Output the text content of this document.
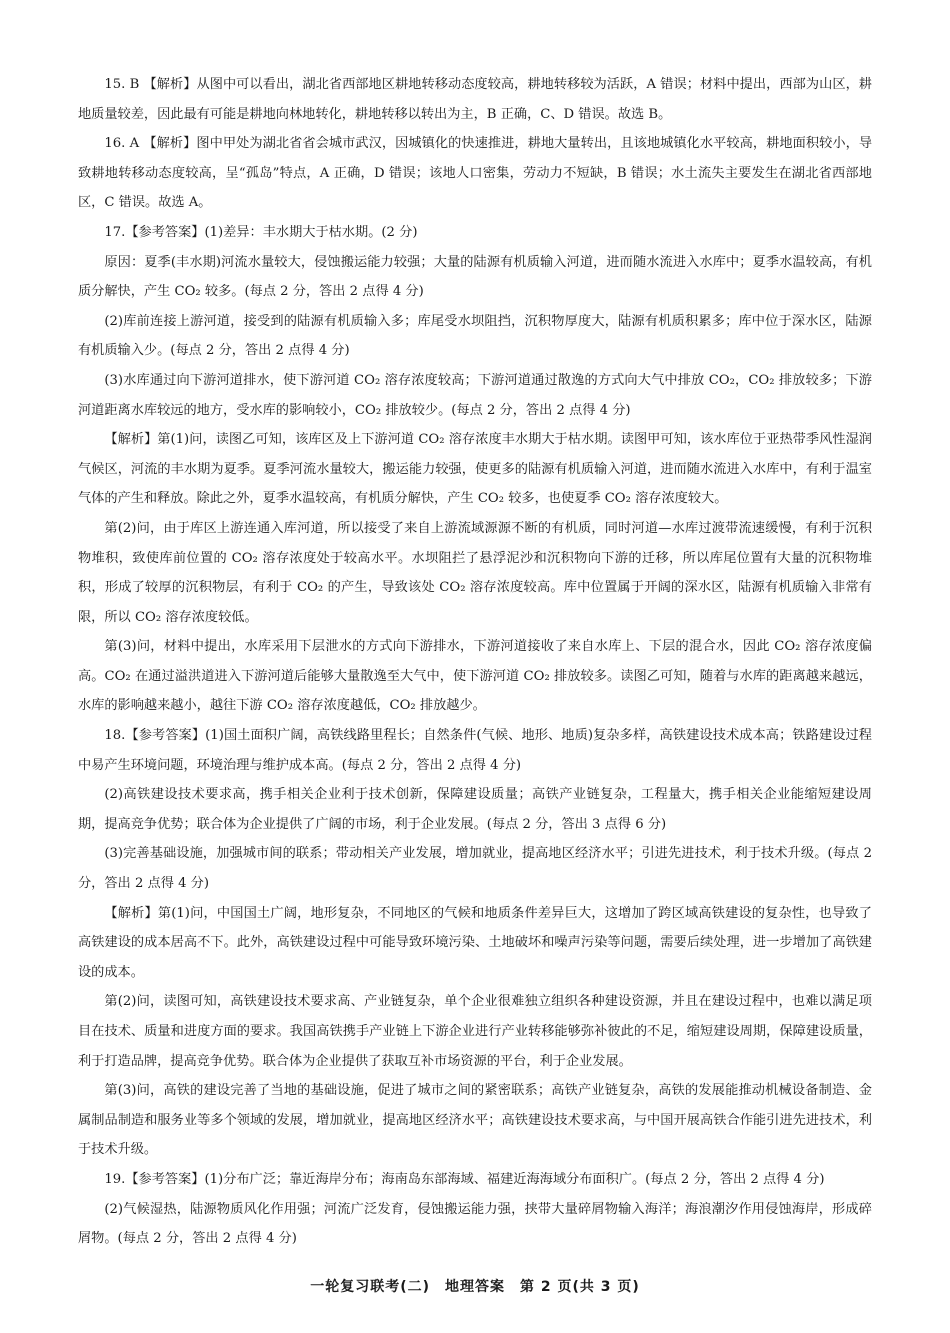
15. B 【解析】从图中可以看出，湖北省西部地区耕地转移动态度较高，耕地转移较为活跃，A 错误；材料中提出，西部为山区，耕地质量较差，因此最有可能是耕地向林地转化，耕地转移以转出为主，B 正确，C、D 错误。故选 B。

16. A 【解析】图中甲处为湖北省省会城市武汉，因城镇化的快速推进，耕地大量转出，且该地城镇化水平较高，耕地面积较小，导致耕地转移动态度较高，呈“孤岛”特点，A 正确，D 错误；该地人口密集，劳动力不短缺，B 错误；水土流失主要发生在湖北省西部地区，C 错误。故选 A。

17.【参考答案】(1)差异：丰水期大于枯水期。(2 分)

原因：夏季(丰水期)河流水量较大，侵蚀搬运能力较强；大量的陆源有机质输入河道，进而随水流进入水库中；夏季水温较高，有机质分解快，产生 CO₂ 较多。(每点 2 分，答出 2 点得 4 分)

(2)库前连接上游河道，接受到的陆源有机质输入多；库尾受水坝阻挡，沉积物厚度大，陆源有机质积累多；库中位于深水区，陆源有机质输入少。(每点 2 分，答出 2 点得 4 分)

(3)水库通过向下游河道排水，使下游河道 CO₂ 溶存浓度较高；下游河道通过散逸的方式向大气中排放 CO₂，CO₂ 排放较多；下游河道距离水库较远的地方，受水库的影响较小，CO₂ 排放较少。(每点 2 分，答出 2 点得 4 分)

【解析】第(1)问，读图乙可知，该库区及上下游河道 CO₂ 溶存浓度丰水期大于枯水期。读图甲可知，该水库位于亚热带季风性湿润气候区，河流的丰水期为夏季。夏季河流水量较大，搬运能力较强，使更多的陆源有机质输入河道，进而随水流进入水库中，有利于温室气体的产生和释放。除此之外，夏季水温较高，有机质分解快，产生 CO₂ 较多，也使夏季 CO₂ 溶存浓度较大。

第(2)问，由于库区上游连通入库河道，所以接受了来自上游流域源源不断的有机质，同时河道—水库过渡带流速缓慢，有利于沉积物堆积，致使库前位置的 CO₂ 溶存浓度处于较高水平。水坝阻拦了悬浮泥沙和沉积物向下游的迁移，所以库尾位置有大量的沉积物堆积，形成了较厚的沉积物层，有利于 CO₂ 的产生，导致该处 CO₂ 溶存浓度较高。库中位置属于开阔的深水区，陆源有机质输入非常有限，所以 CO₂ 溶存浓度较低。

第(3)问，材料中提出，水库采用下层泄水的方式向下游排水，下游河道接收了来自水库上、下层的混合水，因此 CO₂ 溶存浓度偏高。CO₂ 在通过溢洪道进入下游河道后能够大量散逸至大气中，使下游河道 CO₂ 排放较多。读图乙可知，随着与水库的距离越来越远，水库的影响越来越小，越往下游 CO₂ 溶存浓度越低，CO₂ 排放越少。

18.【参考答案】(1)国土面积广阔，高铁线路里程长；自然条件(气候、地形、地质)复杂多样，高铁建设技术成本高；铁路建设过程中易产生环境问题，环境治理与维护成本高。(每点 2 分，答出 2 点得 4 分)

(2)高铁建设技术要求高，携手相关企业利于技术创新，保障建设质量；高铁产业链复杂，工程量大，携手相关企业能缩短建设周期，提高竞争优势；联合体为企业提供了广阔的市场，利于企业发展。(每点 2 分，答出 3 点得 6 分)

(3)完善基础设施，加强城市间的联系；带动相关产业发展，增加就业，提高地区经济水平；引进先进技术，利于技术升级。(每点 2 分，答出 2 点得 4 分)

【解析】第(1)问，中国国土广阔，地形复杂，不同地区的气候和地质条件差异巨大，这增加了跨区域高铁建设的复杂性，也导致了高铁建设的成本居高不下。此外，高铁建设过程中可能导致环境污染、土地破坏和噪声污染等问题，需要后续处理，进一步增加了高铁建设的成本。

第(2)问，读图可知，高铁建设技术要求高、产业链复杂，单个企业很难独立组织各种建设资源，并且在建设过程中，也难以满足项目在技术、质量和进度方面的要求。我国高铁携手产业链上下游企业进行产业转移能够弥补彼此的不足，缩短建设周期，保障建设质量，利于打造品牌，提高竞争优势。联合体为企业提供了获取互补市场资源的平台，利于企业发展。

第(3)问，高铁的建设完善了当地的基础设施，促进了城市之间的紧密联系；高铁产业链复杂，高铁的发展能推动机械设备制造、金属制品制造和服务业等多个领域的发展，增加就业，提高地区经济水平；高铁建设技术要求高，与中国开展高铁合作能引进先进技术，利于技术升级。

19.【参考答案】(1)分布广泛；靠近海岸分布；海南岛东部海域、福建近海海域分布面积广。(每点 2 分，答出 2 点得 4 分)

(2)气候湿热，陆源物质风化作用强；河流广泛发育，侵蚀搬运能力强，挟带大量碎屑物输入海洋；海浪潮汐作用侵蚀海岸，形成碎屑物。(每点 2 分，答出 2 点得 4 分)

一轮复习联考(二)　地理答案　第 2 页(共 3 页)
